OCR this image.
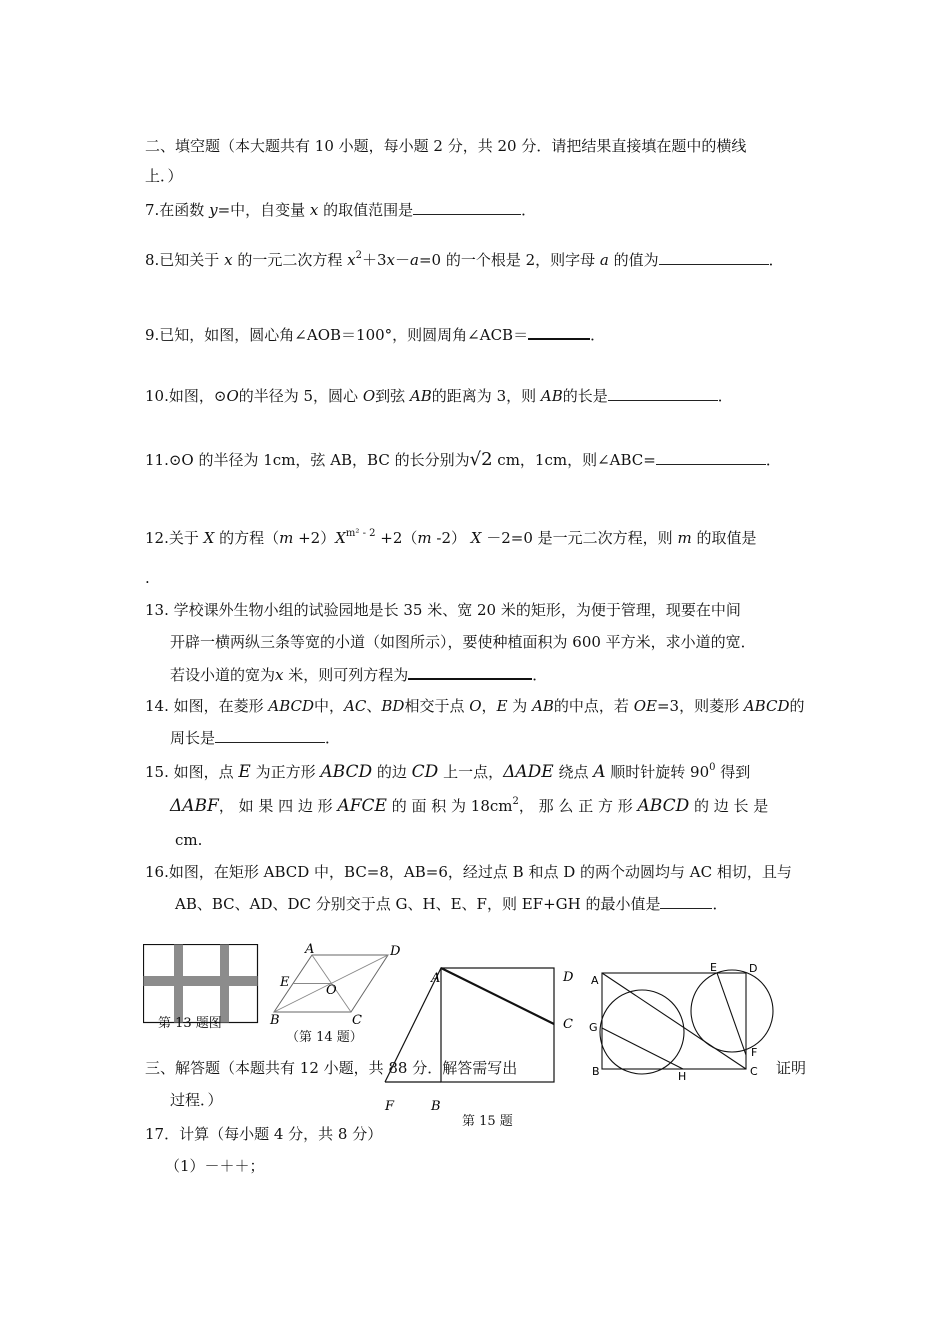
二、填空题（本大题共有 10 小题，每小题 2 分，共 20 分．请把结果直接填在题中的横线
上．）
7.在函数 y=中，自变量 x 的取值范围是	．
8.已知关于 x 的一元二次方程 $x^2+3x-a=0$ 的一个根是 2，则字母 a 的值为	．
9.已知，如图，圆心角∠AOB＝100°，则圆周角∠ACB＝	．
10.如图，⊙O的半径为 5，圆心 O到弦 AB的距离为 3，则 AB的长是	．
11.⊙O 的半径为 1cm，弦 AB，BC 的长分别为√2 cm，1cm，则∠ABC=	．
12.关于 X 的方程$(m +2)X^{m^2 - 2} +2(m$ -2） X －2=0 是一元二次方程，则 m 的取值是
.
13. 学校课外生物小组的试验园地是长 35 米、宽 20 米的矩形，为便于管理，现要在中间
开辟一横两纵三条等宽的小道（如图所示），要使种植面积为 600 平方米，求小道的宽．
若设小道的宽为x 米，则可列方程为	．
14. 如图，在菱形 ABCD中，AC、BD相交于点 O，E 为 AB的中点，若 OE=3，则菱形 ABCD的
周长是	．
15. 如图，点 E 为正方形 ABCD 的边 CD 上一点，ΔADE 绕点 A 顺时针旋转 $90^0$ 得到
ΔABF， 如 果 四 边 形 AFCE 的 面 积 为 $18cm^2$， 那 么 正 方 形 ABCD 的 边 长 是
cm.
16.如图，在矩形 ABCD 中，BC=8，AB=6，经过点 B 和点 D 的两个动圆均与 AC 相切，且与
AB、BC、AD、DC 分别交于点 G、H、E、F，则 EF+GH 的最小值是	．
第 13 题图
A	D
E
O
B	C
（第 14 题）
A	D
C
F	B
第 15 题
A
E	D
G
F
B	H	C
三、解答题（本题共有 12 小题，共 88 分．解答需写出	证明
过程．）
17．计算（每小题 4 分，共 8 分）
（1）－＋＋；
